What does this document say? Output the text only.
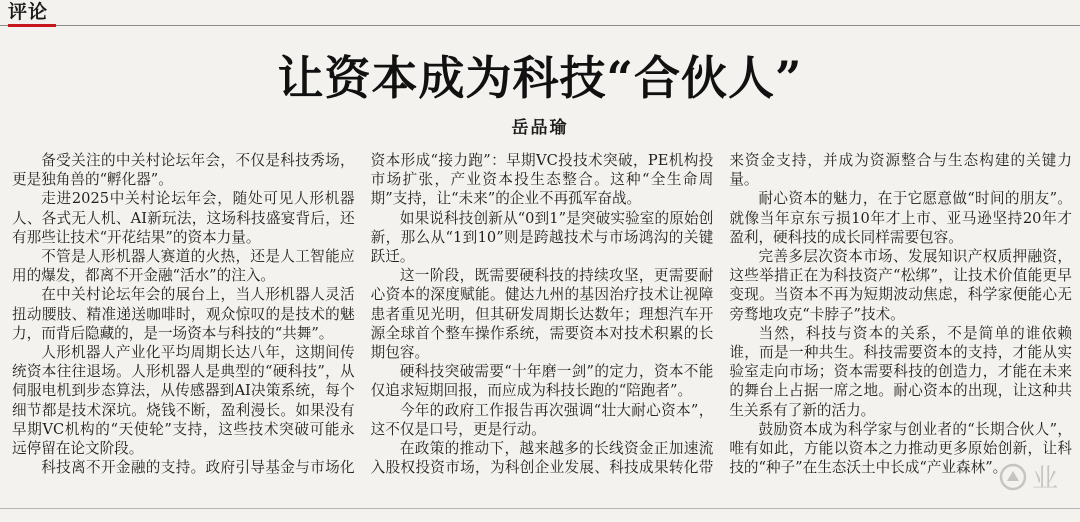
评论
让资本成为科技“合伙人”
岳品瑜

备受关注的中关村论坛年会，不仅是科技秀场，更是独角兽的“孵化器”。

走进2025中关村论坛年会，随处可见人形机器人、各式无人机、AI新玩法，这场科技盛宴背后，还有那些让技术“开花结果”的资本力量。

不管是人形机器人赛道的火热，还是人工智能应用的爆发，都离不开金融“活水”的注入。

在中关村论坛年会的展台上，当人形机器人灵活扭动腰肢、精准递送咖啡时，观众惊叹的是技术的魅力，而背后隐藏的，是一场资本与科技的“共舞”。

人形机器人产业化平均周期长达八年，这期间传统资本往往退场。人形机器人是典型的“硬科技”，从伺服电机到步态算法，从传感器到AI决策系统，每个细节都是技术深坑。烧钱不断，盈利漫长。如果没有早期VC机构的“天使轮”支持，这些技术突破可能永远停留在论文阶段。

科技离不开金融的支持。政府引导基金与市场化资本形成“接力跑”：早期VC投技术突破，PE机构投市场扩张，产业资本投生态整合。这种“全生命周期”支持，让“未来”的企业不再孤军奋战。

如果说科技创新从“0到1”是突破实验室的原始创新，那么从“1到10”则是跨越技术与市场鸿沟的关键跃迁。

这一阶段，既需要硬科技的持续攻坚，更需要耐心资本的深度赋能。健达九州的基因治疗技术让视障患者重见光明，但其研发周期长达数年；理想汽车开源全球首个整车操作系统，需要资本对技术积累的长期包容。

硬科技突破需要“十年磨一剑”的定力，资本不能仅追求短期回报，而应成为科技长跑的“陪跑者”。

今年的政府工作报告再次强调“壮大耐心资本”，这不仅是口号，更是行动。

在政策的推动下，越来越多的长线资金正加速流入股权投资市场，为科创企业发展、科技成果转化带来资金支持，并成为资源整合与生态构建的关键力量。

耐心资本的魅力，在于它愿意做“时间的朋友”。就像当年京东亏损10年才上市、亚马逊坚持20年才盈利，硬科技的成长同样需要包容。

完善多层次资本市场、发展知识产权质押融资，这些举措正在为科技资产“松绑”，让技术价值能更早变现。当资本不再为短期波动焦虑，科学家便能心无旁骛地攻克“卡脖子”技术。

当然，科技与资本的关系，不是简单的谁依赖谁，而是一种共生。科技需要资本的支持，才能从实验室走向市场；资本需要科技的创造力，才能在未来的舞台上占据一席之地。耐心资本的出现，让这种共生关系有了新的活力。

鼓励资本成为科学家与创业者的“长期合伙人”，唯有如此，方能以资本之力推动更多原始创新，让科技的“种子”在生态沃土中长成“产业森林”。 业
